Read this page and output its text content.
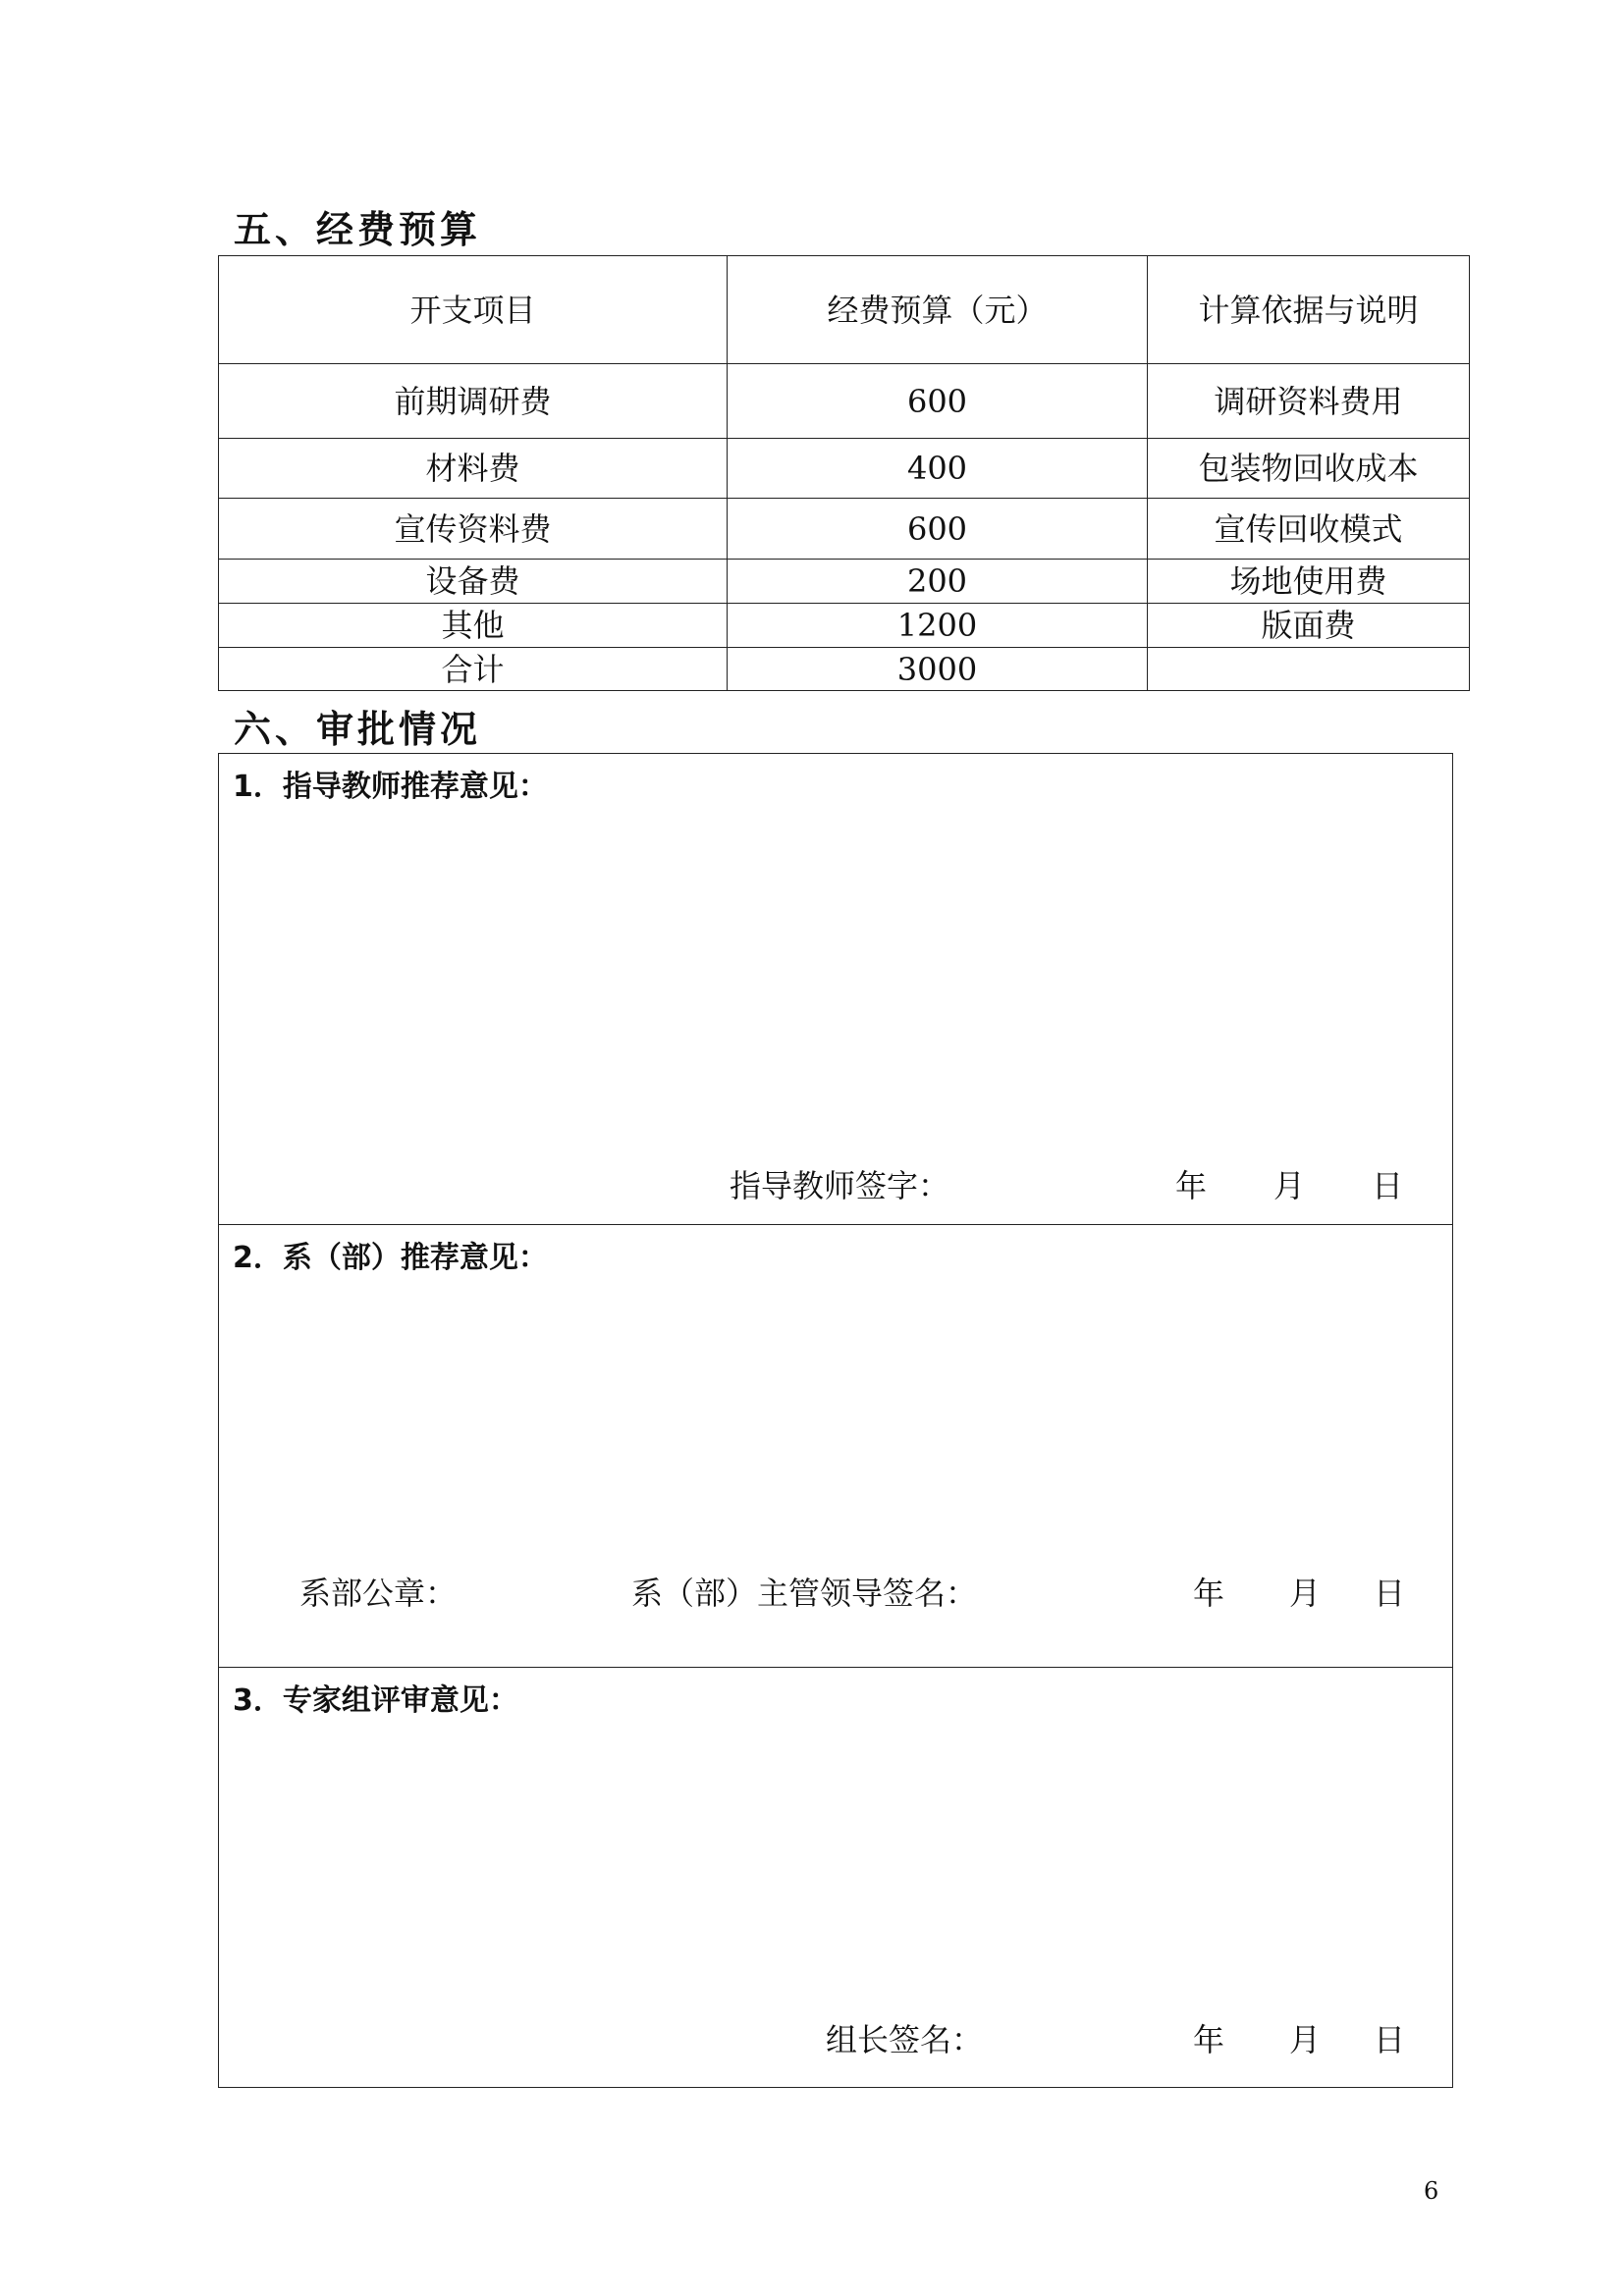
五、经费预算
开支项目	经费预算（元）	计算依据与说明
前期调研费	600	调研资料费用
材料费	400	包装物回收成本
宣传资料费	600	宣传回收模式
设备费	200	场地使用费
其他	1200	版面费
合计	3000	
六、审批情况
1．指导教师推荐意见：
指导教师签字：	年 月 日
2．系（部）推荐意见：
系部公章：	系（部）主管领导签名：	年 月 日
3．专家组评审意见：
组长签名：	年 月 日
6
